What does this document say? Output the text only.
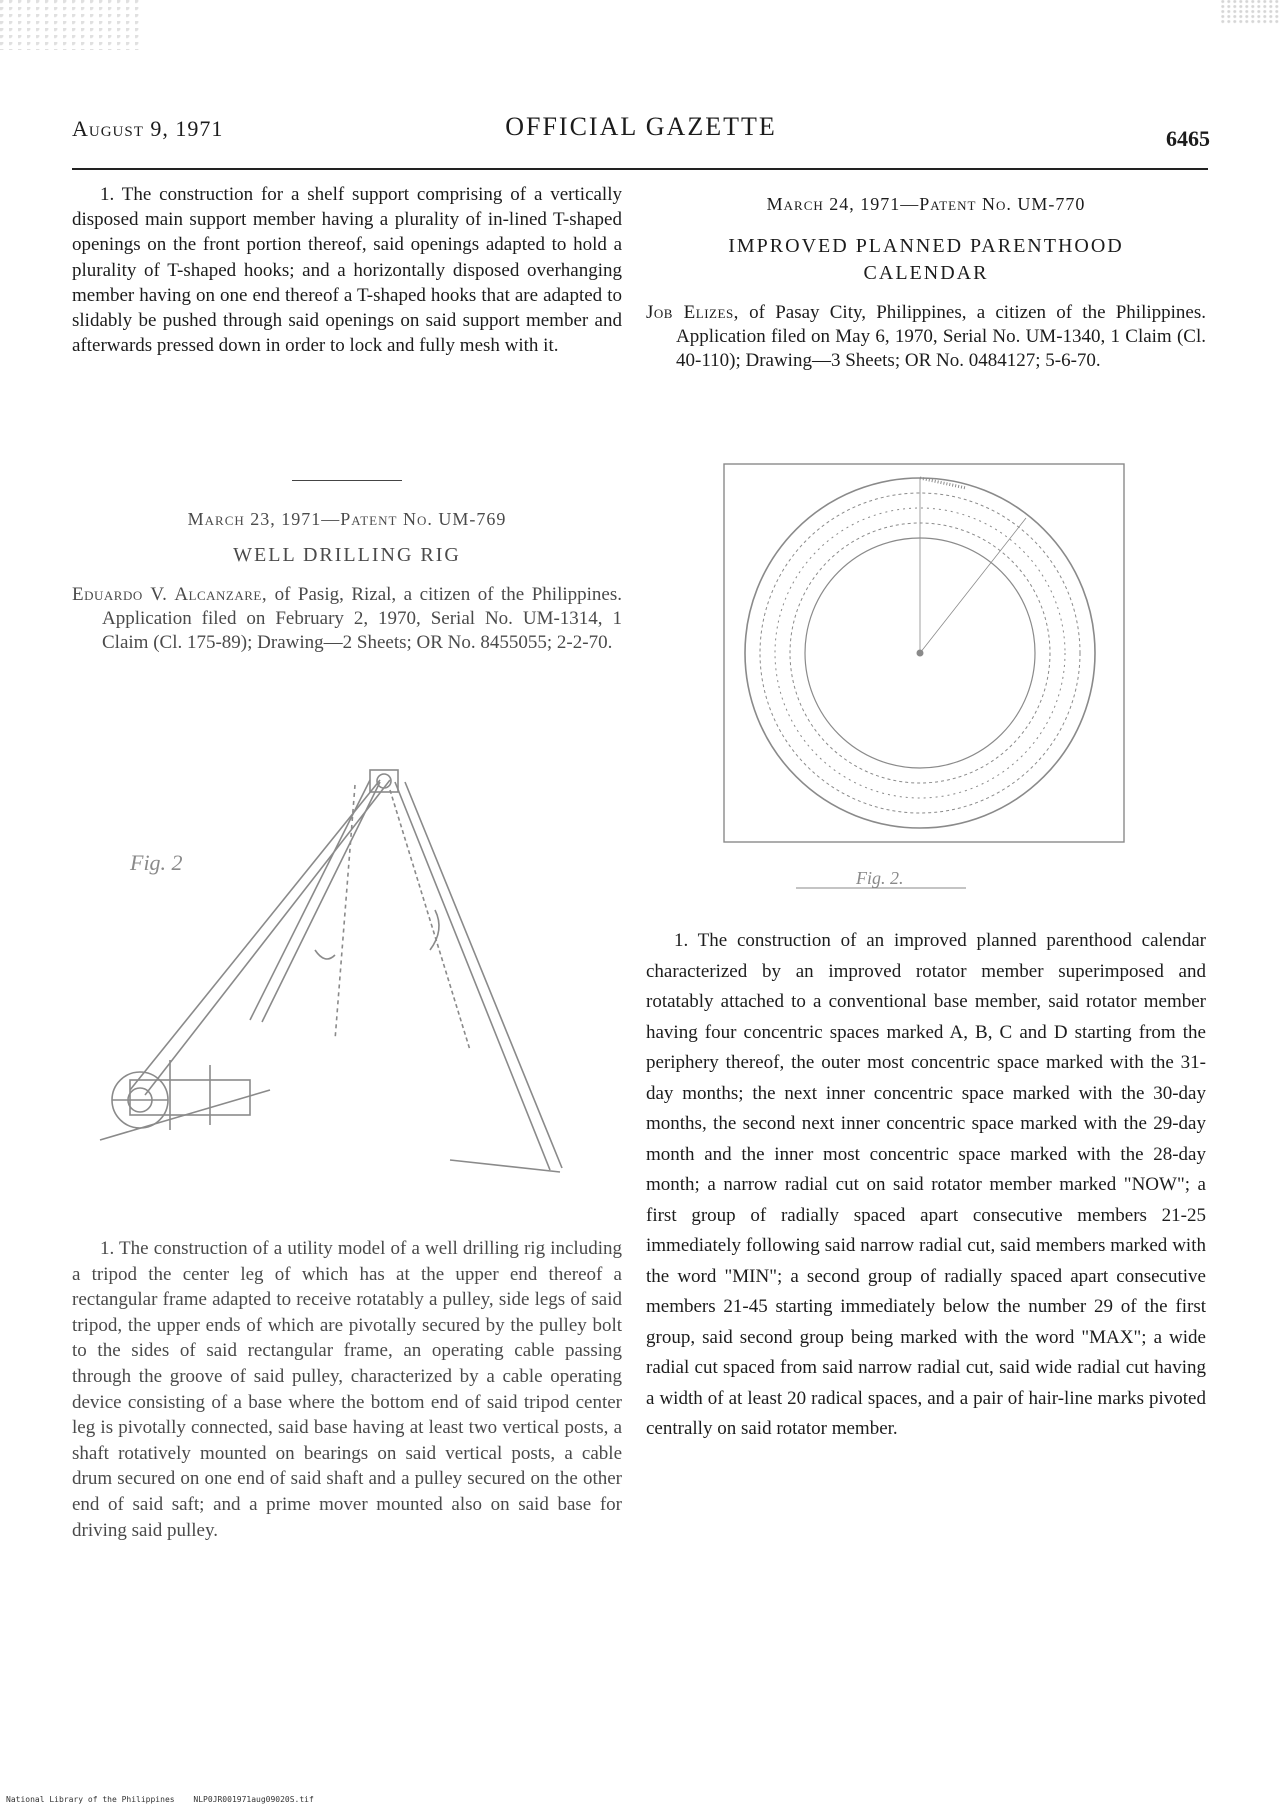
August 9, 1971	OFFICIAL GAZETTE	6465

1. The construction for a shelf support comprising of a vertically disposed main support member having a plurality of in-lined T-shaped openings on the front portion thereof, said openings adapted to hold a plurality of T-shaped hooks; and a horizontally disposed overhanging member having on one end thereof a T-shaped hooks that are adapted to slidably be pushed through said openings on said support member and afterwards pressed down in order to lock and fully mesh with it.

March 23, 1971—Patent No. UM-769

WELL DRILLING RIG

Eduardo V. Alcanzare, of Pasig, Rizal, a citizen of the Philippines. Application filed on February 2, 1970, Serial No. UM-1314, 1 Claim (Cl. 175-89); Drawing—2 Sheets; OR No. 8455055; 2-2-70.

Fig. 2

1. The construction of a utility model of a well drilling rig including a tripod the center leg of which has at the upper end thereof a rectangular frame adapted to receive rotatably a pulley, side legs of said tripod, the upper ends of which are pivotally secured by the pulley bolt to the sides of said rectangular frame, an operating cable passing through the groove of said pulley, characterized by a cable operating device consisting of a base where the bottom end of said tripod center leg is pivotally connected, said base having at least two vertical posts, a shaft rotatively mounted on bearings on said vertical posts, a cable drum secured on one end of said shaft and a pulley secured on the other end of said saft; and a prime mover mounted also on said base for driving said pulley.

March 24, 1971—Patent No. UM-770

IMPROVED PLANNED PARENTHOOD CALENDAR

Job Elizes, of Pasay City, Philippines, a citizen of the Philippines. Application filed on May 6, 1970, Serial No. UM-1340, 1 Claim (Cl. 40-110); Drawing—3 Sheets; OR No. 0484127; 5-6-70.

Fig. 2.

1. The construction of an improved planned parenthood calendar characterized by an improved rotator member superimposed and rotatably attached to a conventional base member, said rotator member having four concentric spaces marked A, B, C and D starting from the periphery thereof, the outer most concentric space marked with the 31-day months; the next inner concentric space marked with the 30-day months, the second next inner concentric space marked with the 29-day month and the inner most concentric space marked with the 28-day month; a narrow radial cut on said rotator member marked "NOW"; a first group of radially spaced apart consecutive members 21-25 immediately following said narrow radial cut, said members marked with the word "MIN"; a second group of radially spaced apart consecutive members 21-45 starting immediately below the number 29 of the first group, said second group being marked with the word "MAX"; a wide radial cut spaced from said narrow radial cut, said wide radial cut having a width of at least 20 radical spaces, and a pair of hair-line marks pivoted centrally on said rotator member.

National Library of the Philippines NLP0JR001971aug09020S.tif
